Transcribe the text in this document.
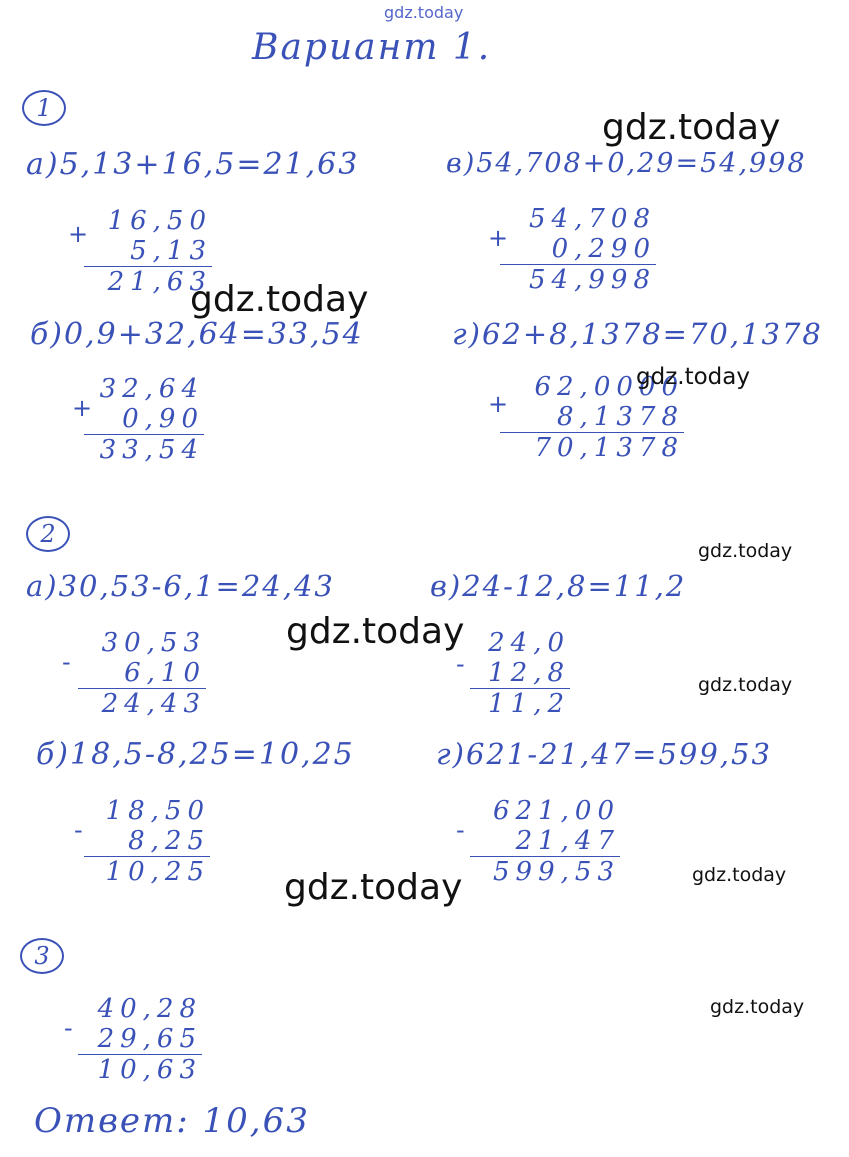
gdz.today
Вариант 1.
1
а)5,13+16,5=21,63
+ 16,50
5,13
21,63
в)54,708+0,29=54,998
+
54,708
0,290
54,998
б)0,9+32,64=33,54
+
32,64
0,90
33,54
г)62+8,1378=70,1378
+
62,0000
8,1378
70,1378
2
а)30,53-6,1=24,43
-
30,53
6,10
24,43
в)24-12,8=11,2
-
24,0
12,8
11,2
б)18,5-8,25=10,25
-
18,50
8,25
10,25
г)621-21,47=599,53
-
621,00
21,47
599,53
3
-
40,28
29,65
10,63
Ответ: 10,63
gdz.today
gdz.today
gdz.today
gdz.today
gdz.today
gdz.today
gdz.today	gdz.today
gdz.today
